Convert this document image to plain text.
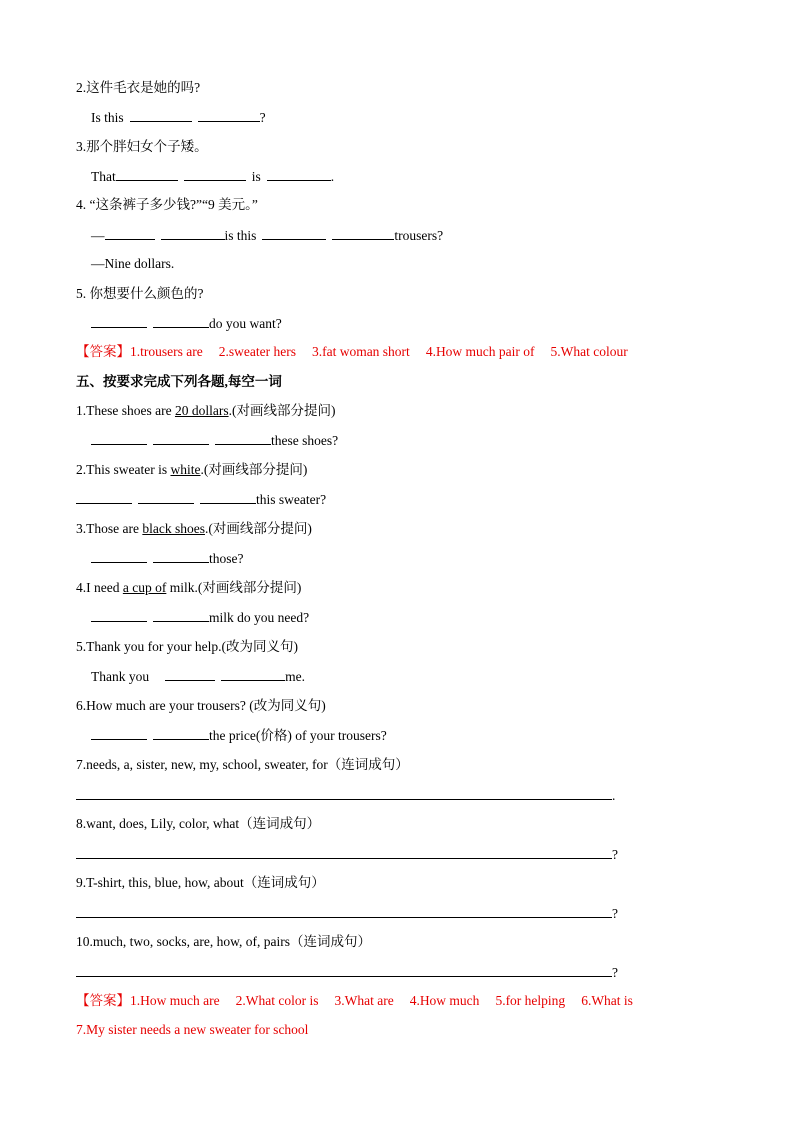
2.这件毛衣是她的吗?
Is this	?
3.那个胖妇女个子矮。
That	is	.
4. “这条裤子多少钱?”“9 美元。”
—	is this	trousers?
—Nine dollars.
5. 你想要什么颜色的?
do you want?
【答案】1.trousers are 2.sweater hers 3.fat woman short 4.How much pair of 5.What colour
五、按要求完成下列各题,每空一词
1.These shoes are 20 dollars.(对画线部分提问)
these shoes?
2.This sweater is white.(对画线部分提问)
this sweater?
3.Those are black shoes.(对画线部分提问)
those?
4.I need a cup of milk.(对画线部分提问)
milk do you need?
5.Thank you for your help.(改为同义句)
Thank you	me.
6.How much are your trousers? (改为同义句)
the price(价格) of your trousers?
7.needs, a, sister, new, my, school, sweater, for（连词成句）
.
8.want, does, Lily, color, what（连词成句）
?
9.T-shirt, this, blue, how, about（连词成句）
?
10.much, two, socks, are, how, of, pairs（连词成句）
?
【答案】1.How much are 2.What color is 3.What are 4.How much 5.for helping 6.What is
7.My sister needs a new sweater for school
